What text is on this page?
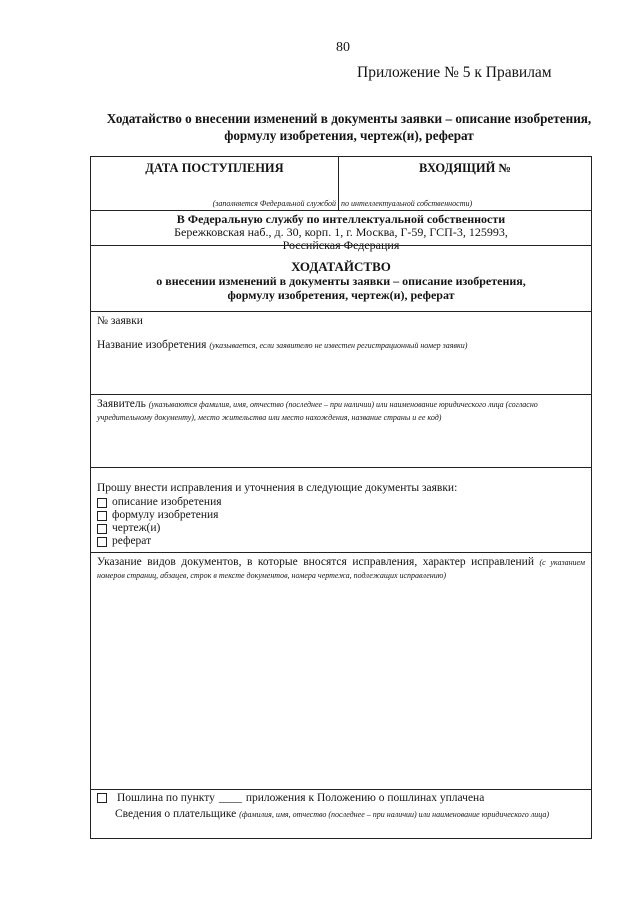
80
Приложение № 5 к Правилам
Ходатайство о внесении изменений в документы заявки – описание изобретения,
формулу изобретения, чертеж(и), реферат
ДАТА ПОСТУПЛЕНИЯ
(заполняется Федеральной службой
ВХОДЯЩИЙ №
по интеллектуальной собственности)
В Федеральную службу по интеллектуальной собственности
Бережковская наб., д. 30, корп. 1, г. Москва, Г-59, ГСП-3, 125993,
Российская Федерация
ХОДАТАЙСТВО
о внесении изменений в документы заявки – описание изобретения,
формулу изобретения, чертеж(и), реферат
№ заявки
Название изобретения (указывается, если заявителю не известен регистрационный номер заявки)
Заявитель (указываются фамилия, имя, отчество (последнее – при наличии) или наименование юридического лица (согласно учредительному документу), место жительства или место нахождения, название страны и ее код)
Прошу внести исправления и уточнения в следующие документы заявки:
описание изобретения
формулу изобретения
чертеж(и)
реферат
Указание видов документов, в которые вносятся исправления, характер исправлений (с указанием номеров страниц, абзацев, строк в тексте документов, номера чертежа, подлежащих исправлению)
Пошлина по пункту ____ приложения к Положению о пошлинах уплачена
Сведения о плательщике (фамилия, имя, отчество (последнее – при наличии) или наименование юридического лица)
